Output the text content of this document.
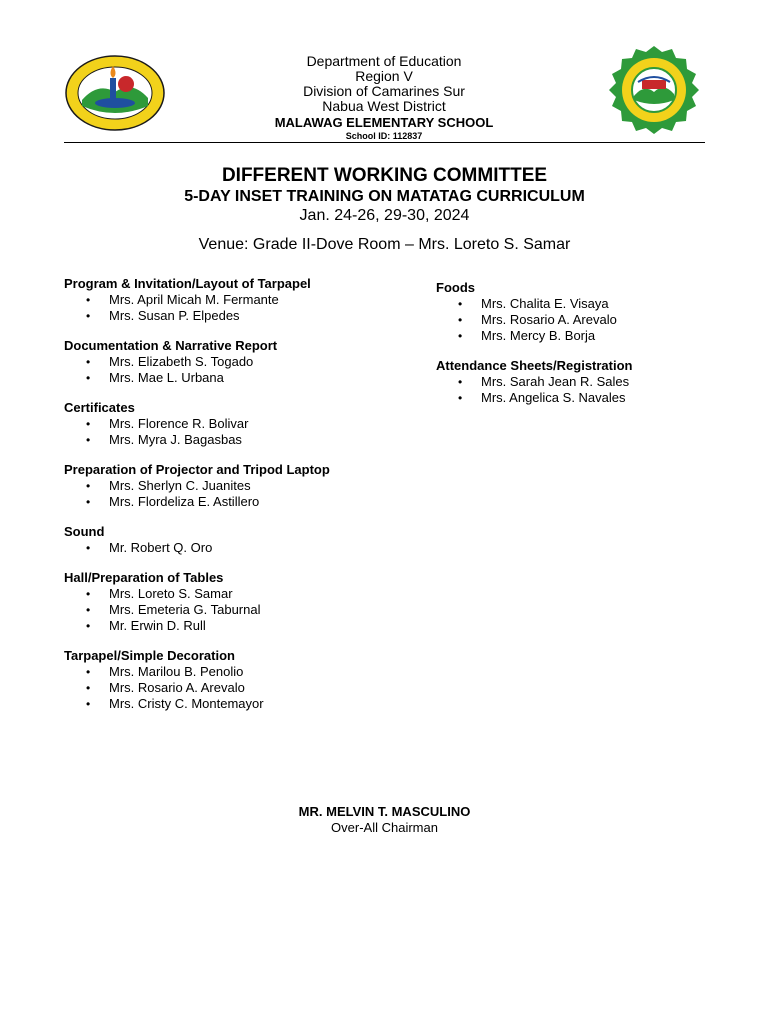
Department of Education
Region V
Division of Camarines Sur
Nabua West District
MALAWAG ELEMENTARY SCHOOL
School ID: 112837
DIFFERENT WORKING COMMITTEE
5-DAY INSET TRAINING ON MATATAG CURRICULUM
Jan. 24-26, 29-30, 2024
Venue: Grade II-Dove Room – Mrs. Loreto S. Samar
Program & Invitation/Layout of Tarpapel
• Mrs. April Micah M. Fermante
• Mrs. Susan P. Elpedes
Documentation & Narrative Report
• Mrs. Elizabeth S. Togado
• Mrs. Mae L. Urbana
Certificates
• Mrs. Florence R. Bolivar
• Mrs. Myra J. Bagasbas
Preparation of Projector and Tripod Laptop
• Mrs. Sherlyn C. Juanites
• Mrs. Flordeliza E. Astillero
Sound
• Mr. Robert Q. Oro
Hall/Preparation of Tables
• Mrs. Loreto S. Samar
• Mrs. Emeteria G. Taburnal
• Mr. Erwin D. Rull
Tarpapel/Simple Decoration
• Mrs. Marilou B. Penolio
• Mrs. Rosario A. Arevalo
• Mrs. Cristy C. Montemayor
Foods
• Mrs. Chalita E. Visaya
• Mrs. Rosario A. Arevalo
• Mrs. Mercy B. Borja
Attendance Sheets/Registration
• Mrs. Sarah Jean R. Sales
• Mrs. Angelica S. Navales
MR. MELVIN T. MASCULINO
Over-All Chairman
